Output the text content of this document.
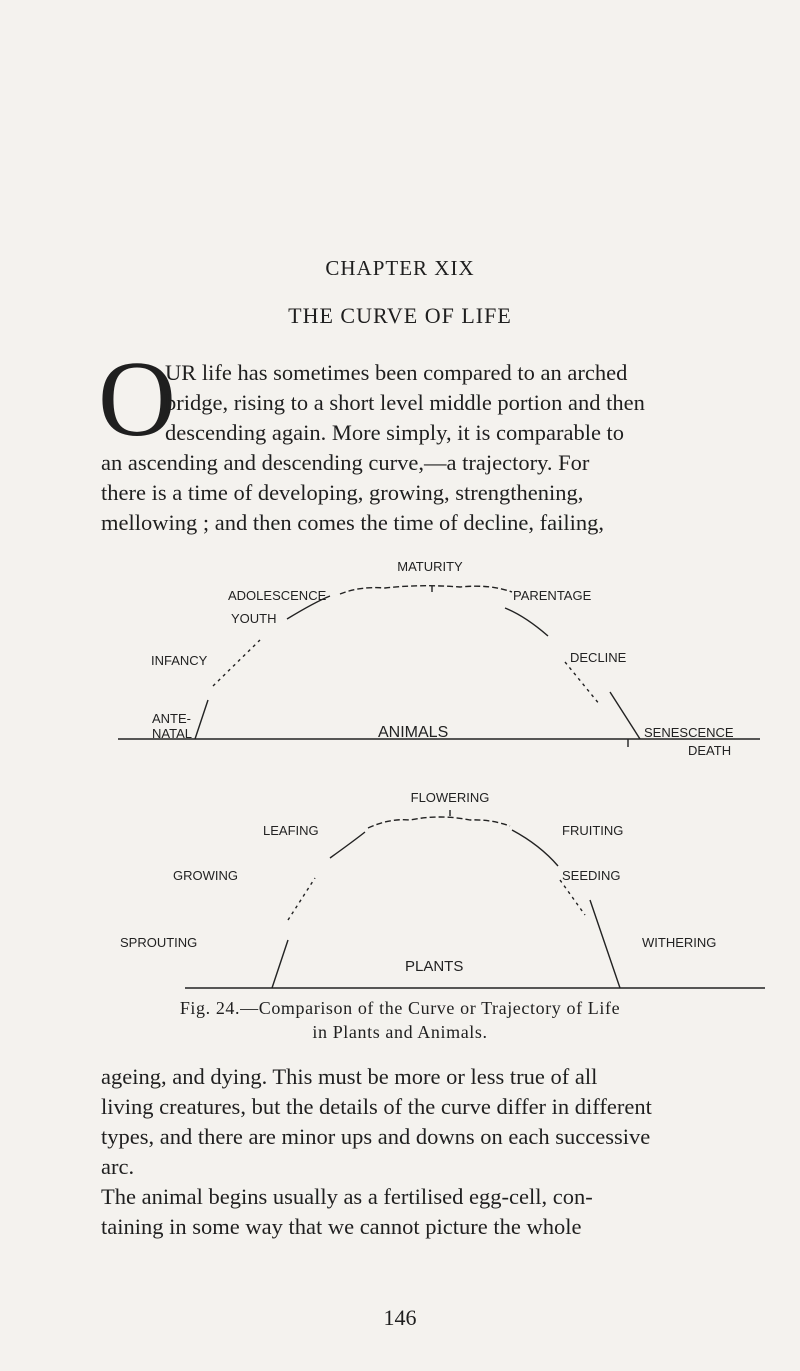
CHAPTER XIX
THE CURVE OF LIFE
O
UR life has sometimes been compared to an arched
bridge, rising to a short level middle portion and then
descending again. More simply, it is comparable to
an ascending and descending curve,—a trajectory. For
there is a time of developing, growing, strengthening,
mellowing ; and then comes the time of decline, failing,
MATURITY
ADOLESCENCE	PARENTAGE
YOUTH
INFANCY	DECLINE
ANTE-
NATAL	ANIMALS	SENESCENCE
DEATH
FLOWERING
LEAFING	FRUITING
GROWING	SEEDING
SPROUTING
PLANTS
WITHERING
Fig. 24.—Comparison of the Curve or Trajectory of Life
in Plants and Animals.
ageing, and dying. This must be more or less true of all
living creatures, but the details of the curve differ in different
types, and there are minor ups and downs on each successive
arc.
The animal begins usually as a fertilised egg-cell, con-
taining in some way that we cannot picture the whole
146
